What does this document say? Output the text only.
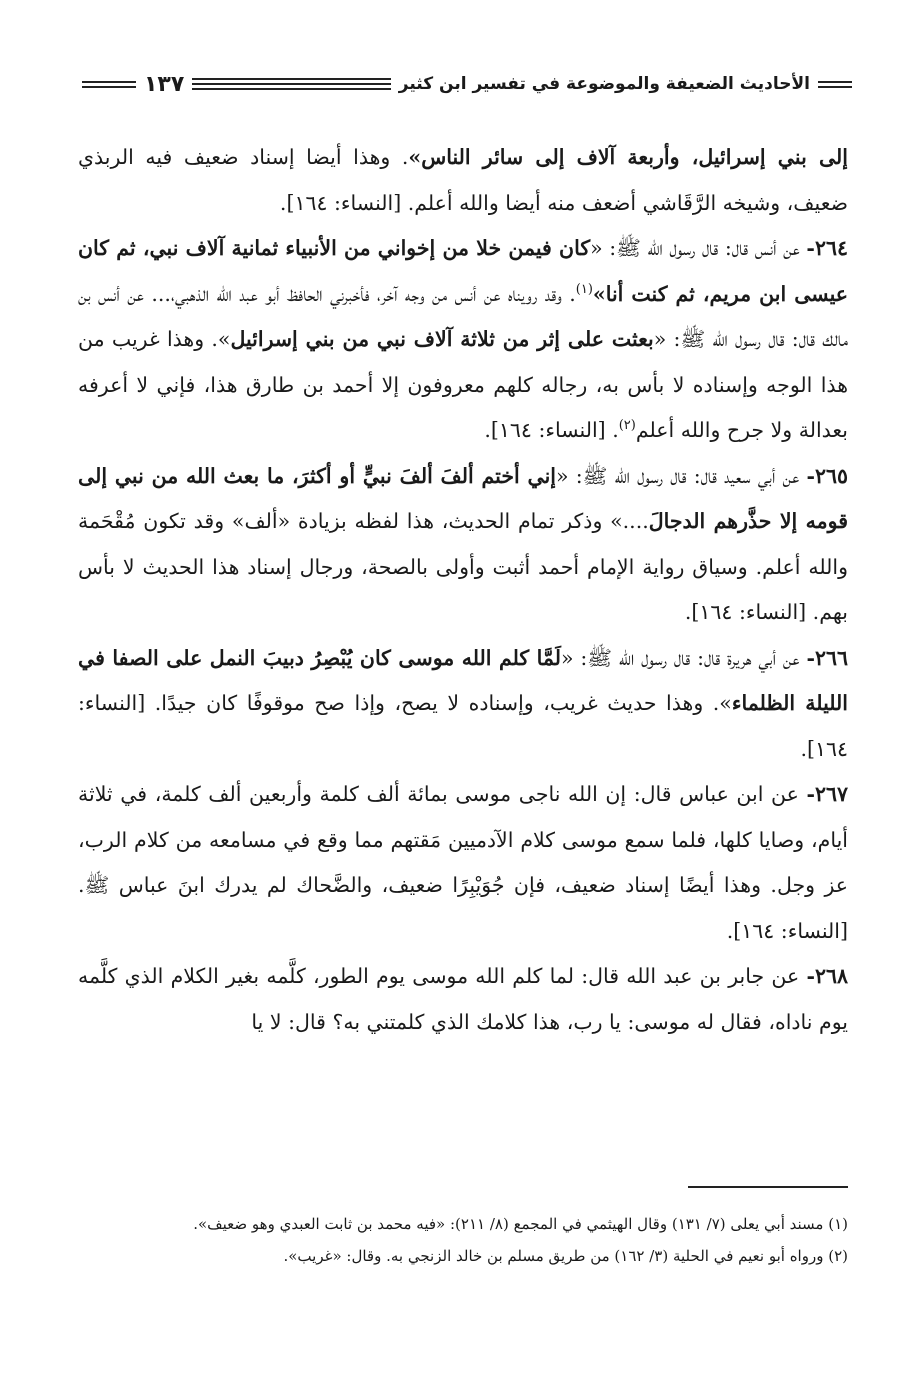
الأحاديث الضعيفة والموضوعة في تفسير ابن كثير
١٣٧

إلى بني إسرائيل، وأربعة آلاف إلى سائر الناس». وهذا أيضا إسناد ضعيف فيه الربذي ضعيف، وشيخه الرَّقَاشي أضعف منه أيضا والله أعلم. [النساء: ١٦٤].

٢٦٤- عن أنس قال: قال رسول الله ﷺ: «كان فيمن خلا من إخواني من الأنبياء ثمانية آلاف نبي، ثم كان عيسى ابن مريم، ثم كنت أنا»$^{(١)}$. وقد رويناه عن أنس من وجه آخر، فأخبرني الحافظ أبو عبد الله الذهبي،... عن أنس بن مالك قال: قال رسول الله ﷺ: «بعثت على إثر من ثلاثة آلاف نبي من بني إسرائيل». وهذا غريب من هذا الوجه وإسناده لا بأس به، رجاله كلهم معروفون إلا أحمد بن طارق هذا، فإني لا أعرفه بعدالة ولا جرح والله أعلم$^{(٢)}$. [النساء: ١٦٤].

٢٦٥- عن أبي سعيد قال: قال رسول الله ﷺ: «إني أختم ألفَ ألفَ نبيٍّ أو أكثرَ، ما بعث الله من نبي إلى قومه إلا حذَّرهم الدجالَ....» وذكر تمام الحديث، هذا لفظه بزيادة «ألف» وقد تكون مُقْحَمة والله أعلم. وسياق رواية الإمام أحمد أثبت وأولى بالصحة، ورجال إسناد هذا الحديث لا بأس بهم. [النساء: ١٦٤].

٢٦٦- عن أبي هريرة قال: قال رسول الله ﷺ: «لَمَّا كلم الله موسى كان يُبْصِرُ دبيبَ النمل على الصفا في الليلة الظلماء». وهذا حديث غريب، وإسناده لا يصح، وإذا صح موقوفًا كان جيدًا. [النساء: ١٦٤].

٢٦٧- عن ابن عباس قال: إن الله ناجى موسى بمائة ألف كلمة وأربعين ألف كلمة، في ثلاثة أيام، وصايا كلها، فلما سمع موسى كلام الآدميين مَقتهم مما وقع في مسامعه من كلام الرب، عز وجل. وهذا أيضًا إسناد ضعيف، فإن جُوَيْبِرًا ضعيف، والضَّحاك لم يدرك ابنَ عباس ﷺ. [النساء: ١٦٤].

٢٦٨- عن جابر بن عبد الله قال: لما كلم الله موسى يوم الطور، كلَّمه بغير الكلام الذي كلَّمه يوم ناداه، فقال له موسى: يا رب، هذا كلامك الذي كلمتني به؟ قال: لا يا

(١) مسند أبي يعلى (٧/ ١٣١) وقال الهيثمي في المجمع (٨/ ٢١١): «فيه محمد بن ثابت العبدي وهو ضعيف».

(٢) ورواه أبو نعيم في الحلية (٣/ ١٦٢) من طريق مسلم بن خالد الزنجي به. وقال: «غريب».
